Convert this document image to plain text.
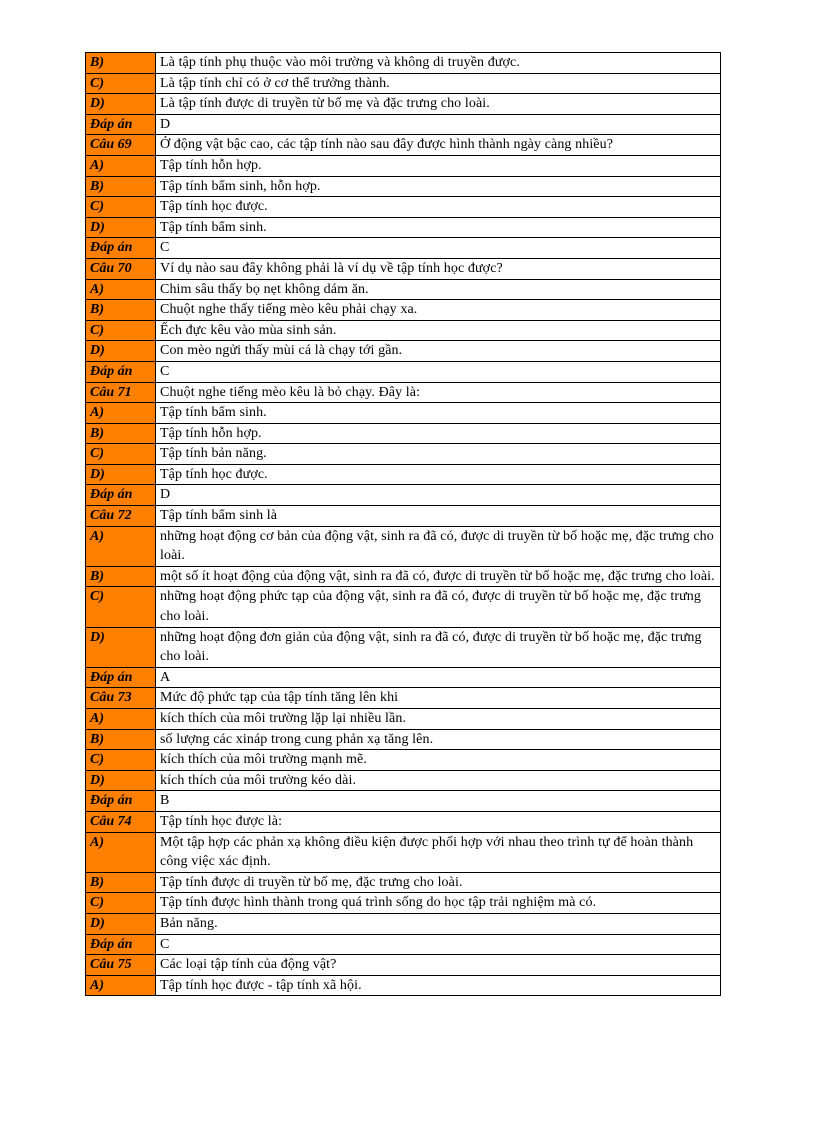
B)	Là tập tính phụ thuộc vào môi trường và không di truyền được.
C)	Là tập tính chỉ có ở cơ thể trưởng thành.
D)	Là tập tính được di truyền từ bố mẹ và đặc trưng cho loài.
Đáp án	D
Câu 69	Ở động vật bậc cao, các tập tính nào sau đây được hình thành ngày càng nhiều?
A)	Tập tính hỗn hợp.
B)	Tập tính bẩm sinh, hỗn hợp.
C)	Tập tính học được.
D)	Tập tính bẩm sinh.
Đáp án	C
Câu 70	Ví dụ nào sau đây không phải là ví dụ về tập tính học được?
A)	Chim sâu thấy bọ nẹt không dám ăn.
B)	Chuột nghe thấy tiếng mèo kêu phải chạy xa.
C)	Ếch đực kêu vào mùa sinh sản.
D)	Con mèo ngửi thấy mùi cá là chạy tới gần.
Đáp án	C
Câu 71	Chuột nghe tiếng mèo kêu là bỏ chạy. Đây là:
A)	Tập tính bẩm sinh.
B)	Tập tính hỗn hợp.
C)	Tập tính bản năng.
D)	Tập tính học được.
Đáp án	D
Câu 72	Tập tính bẩm sinh là
A)	những hoạt động cơ bản của động vật, sinh ra đã có, được di truyền từ bố hoặc mẹ, đặc trưng cho loài.
B)	một số ít hoạt động của động vật, sinh ra đã có, được di truyền từ bố hoặc mẹ, đặc trưng cho loài.
C)	những hoạt động phức tạp của động vật, sinh ra đã có, được di truyền từ bố hoặc mẹ, đặc trưng cho loài.
D)	những hoạt động đơn giản của động vật, sinh ra đã có, được di truyền từ bố hoặc mẹ, đặc trưng cho loài.
Đáp án	A
Câu 73	Mức độ phức tạp của tập tính tăng lên khi
A)	kích thích của môi trường lặp lại nhiều lần.
B)	số lượng các xináp trong cung phản xạ tăng lên.
C)	kích thích của môi trường mạnh mẽ.
D)	kích thích của môi trường kéo dài.
Đáp án	B
Câu 74	Tập tính học được là:
A)	Một tập hợp các phản xạ không điều kiện được phối hợp với nhau theo trình tự để hoàn thành công việc xác định.
B)	Tập tính được di truyền từ bố mẹ, đặc trưng cho loài.
C)	Tập tính được hình thành trong quá trình sống do học tập trải nghiệm mà có.
D)	Bản năng.
Đáp án	C
Câu 75	Các loại tập tính của động vật?
A)	Tập tính học được - tập tính xã hội.
